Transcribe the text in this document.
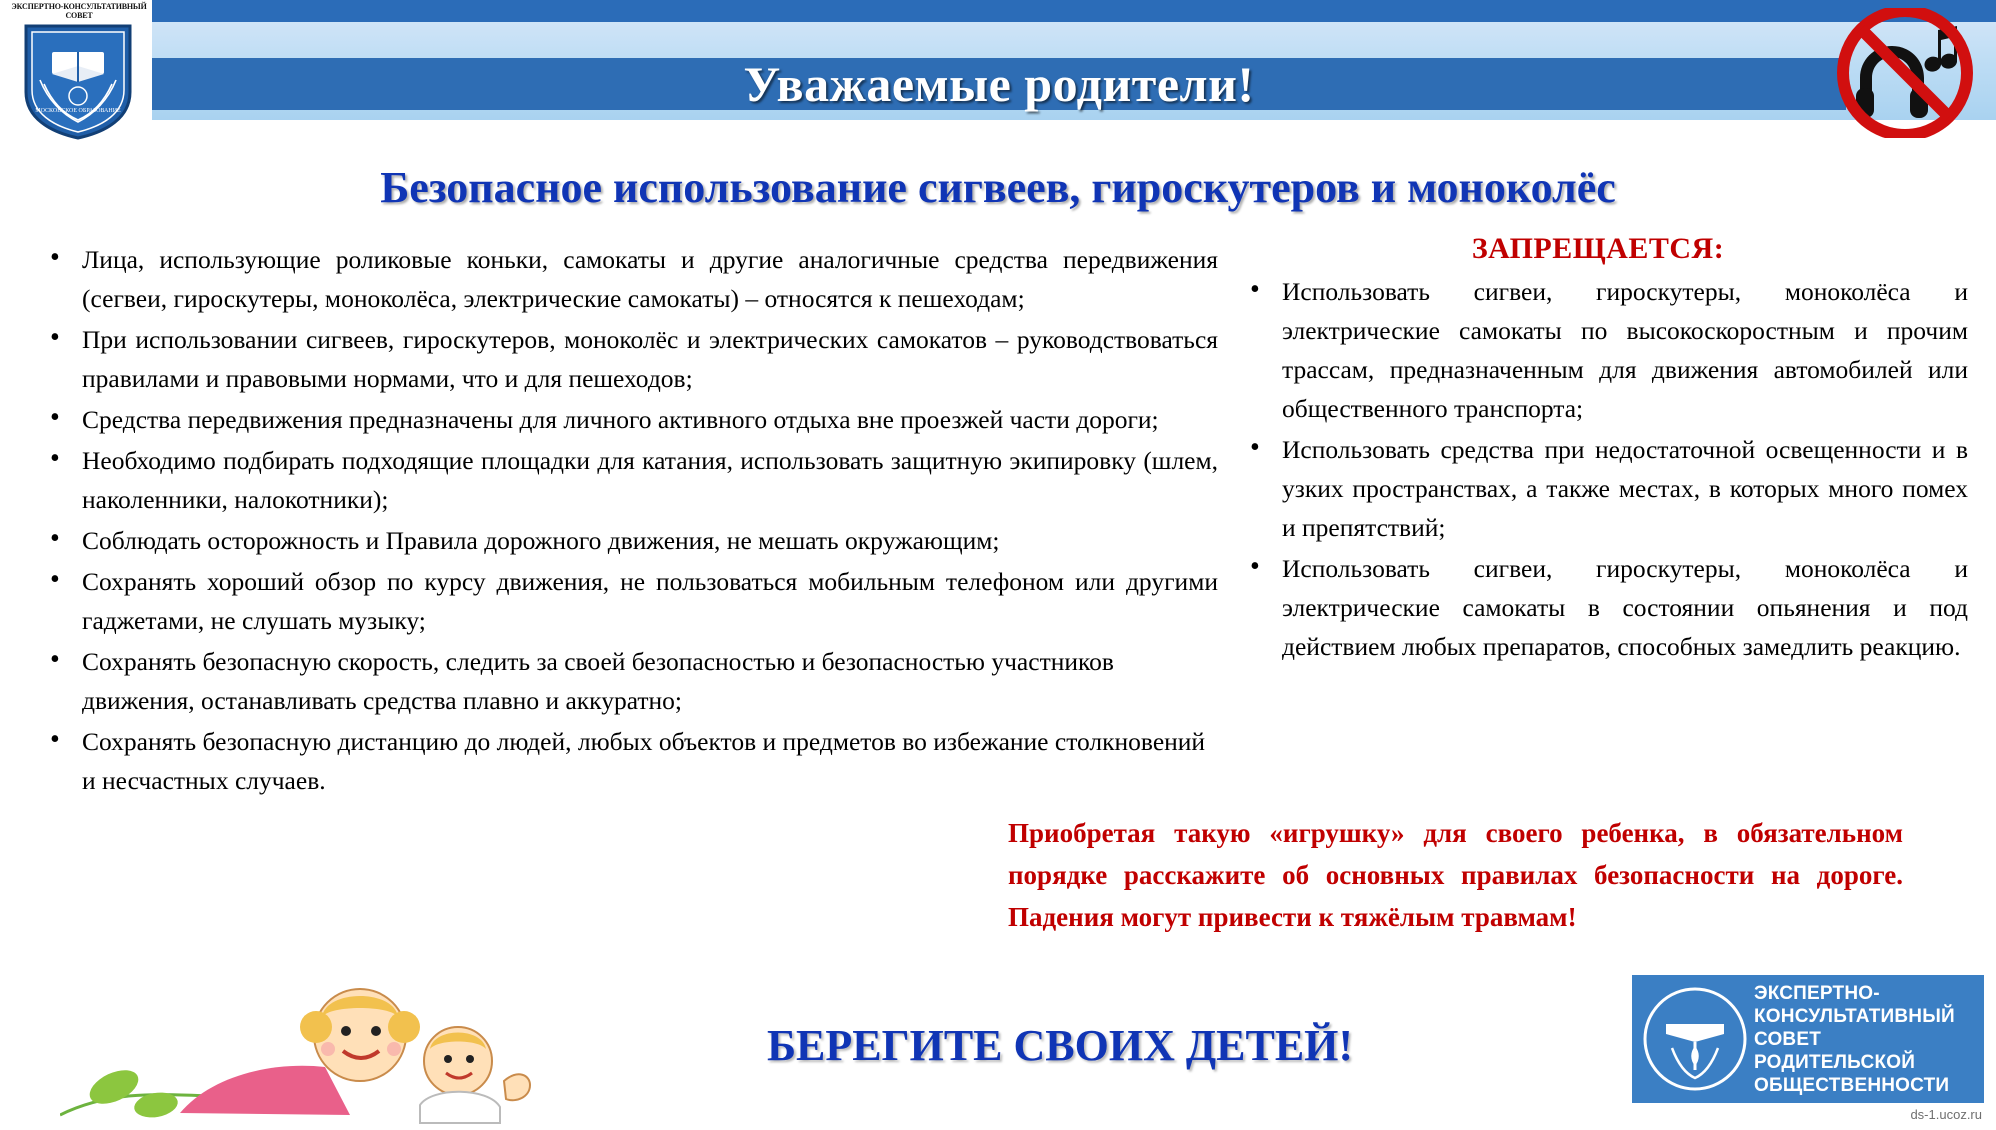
ЭКСПЕРТНО-КОНСУЛЬТАТИВНЫЙ СОВЕТ
МОСКОВСКОЕ ОБРАЗОВАНИЕ	Уважаемые родители!
Безопасное использование сигвеев, гироскутеров и моноколёс
• Лица, использующие роликовые коньки, самокаты и другие аналогичные средства передвижения (сегвеи, гироскутеры, моноколёса, электрические самокаты) – относятся к пешеходам;
• При использовании сигвеев, гироскутеров, моноколёс и электрических самокатов – руководствоваться правилами и правовыми нормами, что и для пешеходов;
• Средства передвижения предназначены для личного активного отдыха вне проезжей части дороги;
• Необходимо подбирать подходящие площадки для катания, использовать защитную экипировку (шлем, наколенники, налокотники);
• Соблюдать осторожность и Правила дорожного движения, не мешать окружающим;
• Сохранять хороший обзор по курсу движения, не пользоваться мобильным телефоном или другими гаджетами, не слушать музыку;
• Сохранять безопасную скорость, следить за своей безопасностью и безопасностью участников движения, останавливать средства плавно и аккуратно;
• Сохранять безопасную дистанцию до людей, любых объектов и предметов во избежание столкновений и несчастных случаев.
ЗАПРЕЩАЕТСЯ:
• Использовать сигвеи, гироскутеры, моноколёса и электрические самокаты по высокоскоростным и прочим трассам, предназначенным для движения автомобилей или общественного транспорта;
• Использовать средства при недостаточной освещенности и в узких пространствах, а также местах, в которых много помех и препятствий;
• Использовать сигвеи, гироскутеры, моноколёса и электрические самокаты в состоянии опьянения и под действием любых препаратов, способных замедлить реакцию.
Приобретая такую «игрушку» для своего ребенка, в обязательном порядке расскажите об основных правилах безопасности на дороге. Падения могут привести к тяжёлым травмам!
БЕРЕГИТЕ СВОИХ ДЕТЕЙ!
ЭКСПЕРТНО-
КОНСУЛЬТАТИВНЫЙ
СОВЕТ
РОДИТЕЛЬСКОЙ
ОБЩЕСТВЕННОСТИ
ds-1.ucoz.ru
